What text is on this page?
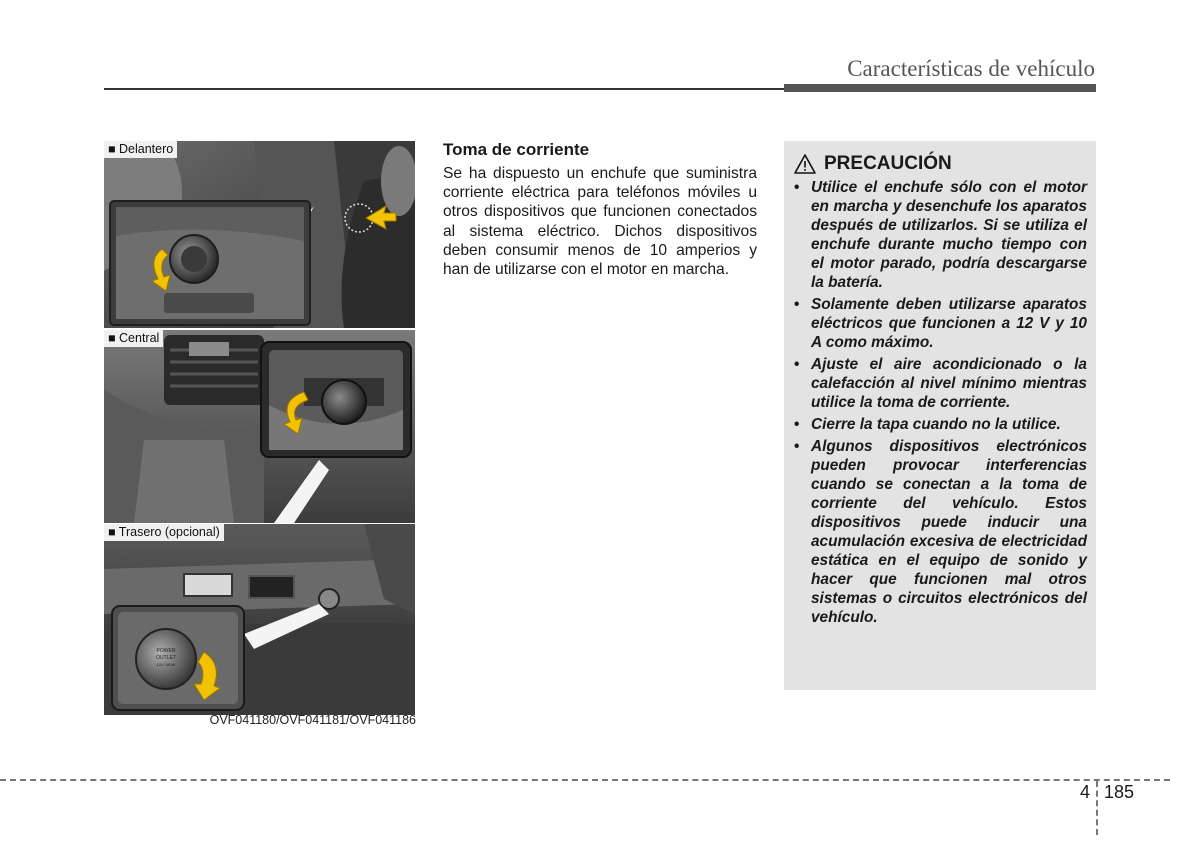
Características de vehículo
■ Delantero
■ Central
■ Trasero (opcional)
POWER
OUTLET
12V 180W
OVF041180/OVF041181/OVF041186
Toma de corriente
Se ha dispuesto un enchufe que suministra corriente eléctrica para teléfonos móviles u otros dispositivos que funcionen conectados al sistema eléctrico. Dichos dispositivos deben consumir menos de 10 amperios y han de utilizarse con el motor en marcha.
PRECAUCIÓN
• Utilice el enchufe sólo con el motor en marcha y desenchufe los aparatos después de utilizarlos. Si se utiliza el enchufe durante mucho tiempo con el motor parado, podría descargarse la batería.
• Solamente deben utilizarse aparatos eléctricos que funcionen a 12 V y 10 A como máximo.
• Ajuste el aire acondicionado o la calefacción al nivel mínimo mientras utilice la toma de corriente.
• Cierre la tapa cuando no la utilice.
• Algunos dispositivos electrónicos pueden provocar interferencias cuando se conectan a la toma de corriente del vehículo. Estos dispositivos puede inducir una acumulación excesiva de electricidad estática en el equipo de sonido y hacer que funcionen mal otros sistemas o circuitos electrónicos del vehículo.
4 185
